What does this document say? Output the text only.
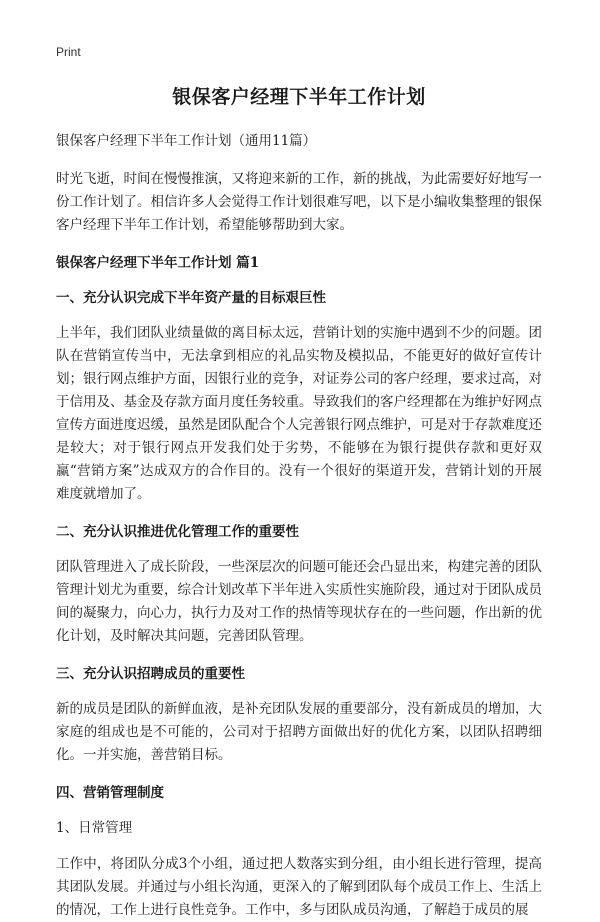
Print
银保客户经理下半年工作计划
银保客户经理下半年工作计划（通用11篇）
时光飞逝，时间在慢慢推演，又将迎来新的工作，新的挑战，为此需要好好地写一份工作计划了。相信许多人会觉得工作计划很难写吧，以下是小编收集整理的银保客户经理下半年工作计划，希望能够帮助到大家。
银保客户经理下半年工作计划 篇1
一、充分认识完成下半年资产量的目标艰巨性
上半年，我们团队业绩量做的离目标太远，营销计划的实施中遇到不少的问题。团队在营销宣传当中，无法拿到相应的礼品实物及模拟品，不能更好的做好宣传计划；银行网点维护方面，因银行业的竞争，对证券公司的客户经理，要求过高，对于信用及、基金及存款方面月度任务较重。导致我们的客户经理都在为维护好网点宣传方面进度迟缓，虽然是团队配合个人完善银行网点维护，可是对于存款难度还是较大；对于银行网点开发我们处于劣势，不能够在为银行提供存款和更好双赢“营销方案”达成双方的合作目的。没有一个很好的渠道开发，营销计划的开展难度就增加了。
二、充分认识推进优化管理工作的重要性
团队管理进入了成长阶段，一些深层次的问题可能还会凸显出来，构建完善的团队管理计划尤为重要，综合计划改革下半年进入实质性实施阶段，通过对于团队成员间的凝聚力，向心力，执行力及对工作的热情等现状存在的一些问题，作出新的优化计划，及时解决其问题，完善团队管理。
三、充分认识招聘成员的重要性
新的成员是团队的新鲜血液，是补充团队发展的重要部分，没有新成员的增加，大家庭的组成也是不可能的，公司对于招聘方面做出好的优化方案，以团队招聘细化。一并实施，善营销目标。
四、营销管理制度
1、日常管理
工作中，将团队分成3个小组，通过把人数落实到分组，由小组长进行管理，提高其团队发展。并通过与小组长沟通，更深入的了解到团队每个成员工作上、生活上的情况，工作上进行良性竞争。工作中，多与团队成员沟通，了解趋于成员的展
